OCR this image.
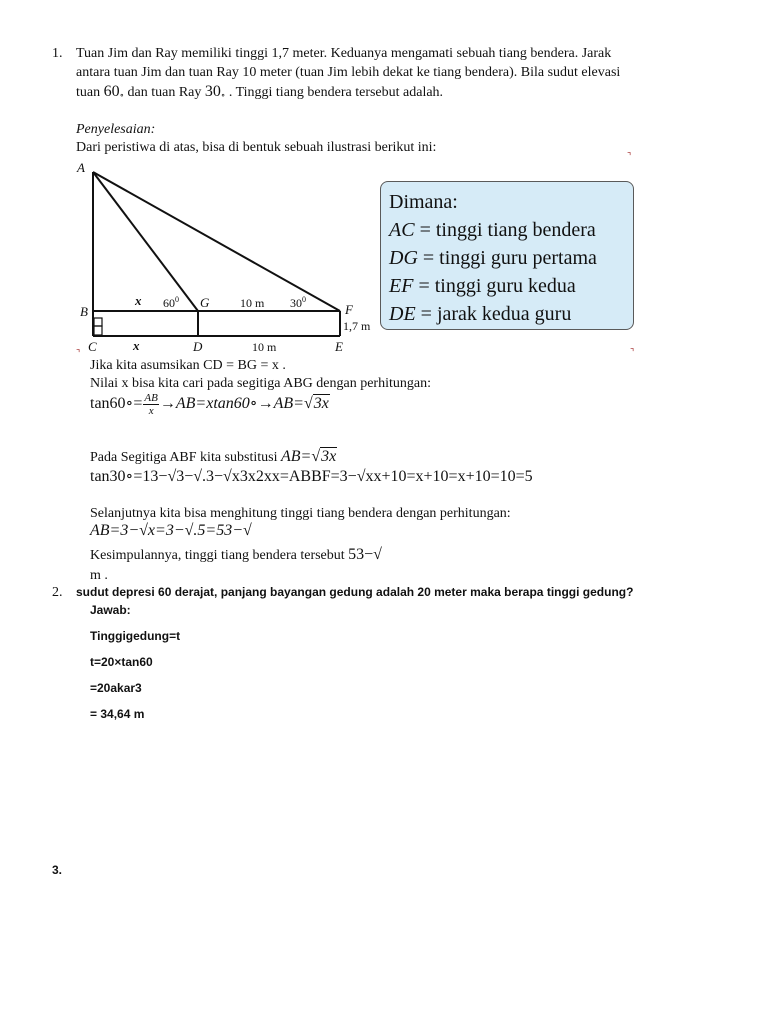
1. Tuan Jim dan Ray memiliki tinggi 1,7 meter. Keduanya mengamati sebuah tiang bendera. Jarak
antara tuan Jim dan tuan Ray 10 meter (tuan Jim lebih dekat ke tiang bendera). Bila sudut elevasi
tuan 60∘ dan tuan Ray 30∘ . Tinggi tiang bendera tersebut adalah.
Penyelesaian:
Dari peristiwa di atas, bisa di bentuk sebuah ilustrasi berikut ini:
A
B
C	D	E
F
G
x
x
$60^0$	$30^0$
10 m
10 m
1,7 m
⌝
⌝
⌝
Dimana:
AC = tinggi tiang bendera
DG = tinggi guru pertama
EF = tinggi guru kedua
DE = jarak kedua guru
Jika kita asumsikan CD = BG = x .
Nilai x bisa kita cari pada segitiga ABG dengan perhitungan:
tan60∘= $\frac{AB}{x}$ →AB=xtan60∘→AB=√3x
Pada Segitiga ABF kita substitusi AB=√3x
tan30∘=13−√3−√.3−√x3x2xx=ABBF=3−√xx+10=x+10=x+10=10=5
Selanjutnya kita bisa menghitung tinggi tiang bendera dengan perhitungan:
AB=3−√x=3−√.5=53−√
Kesimpulannya, tinggi tiang bendera tersebut 53−√
m .
2. sudut depresi 60 derajat, panjang bayangan gedung adalah 20 meter maka berapa tinggi gedung?
Jawab:
Tinggigedung=t
t=20×tan60
=20akar3
= 34,64 m
3.
